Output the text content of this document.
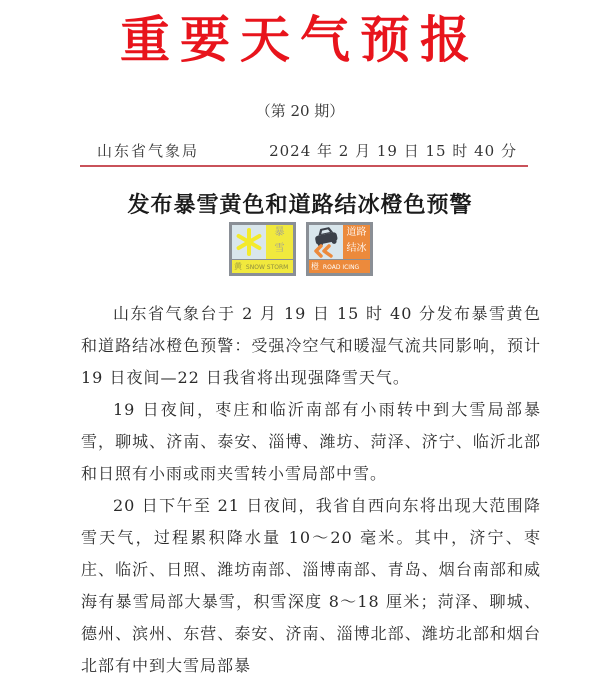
重要天气预报
（第 20 期）
山东省气象局	2024 年 2 月 19 日 15 时 40 分
发布暴雪黄色和道路结冰橙色预警
暴
雪
黄 SNOW STORM
道路
结冰
橙 ROAD ICING

山东省气象台于 2 月 19 日 15 时 40 分发布暴雪黄色和道路结冰橙色预警：受强冷空气和暖湿气流共同影响，预计 19 日夜间—22 日我省将出现强降雪天气。

19 日夜间，枣庄和临沂南部有小雨转中到大雪局部暴雪，聊城、济南、泰安、淄博、潍坊、菏泽、济宁、临沂北部和日照有小雨或雨夹雪转小雪局部中雪。

20 日下午至 21 日夜间，我省自西向东将出现大范围降雪天气，过程累积降水量 10～20 毫米。其中，济宁、枣庄、临沂、日照、潍坊南部、淄博南部、青岛、烟台南部和威海有暴雪局部大暴雪，积雪深度 8～18 厘米；菏泽、聊城、德州、滨州、东营、泰安、济南、淄博北部、潍坊北部和烟台北部有中到大雪局部暴
